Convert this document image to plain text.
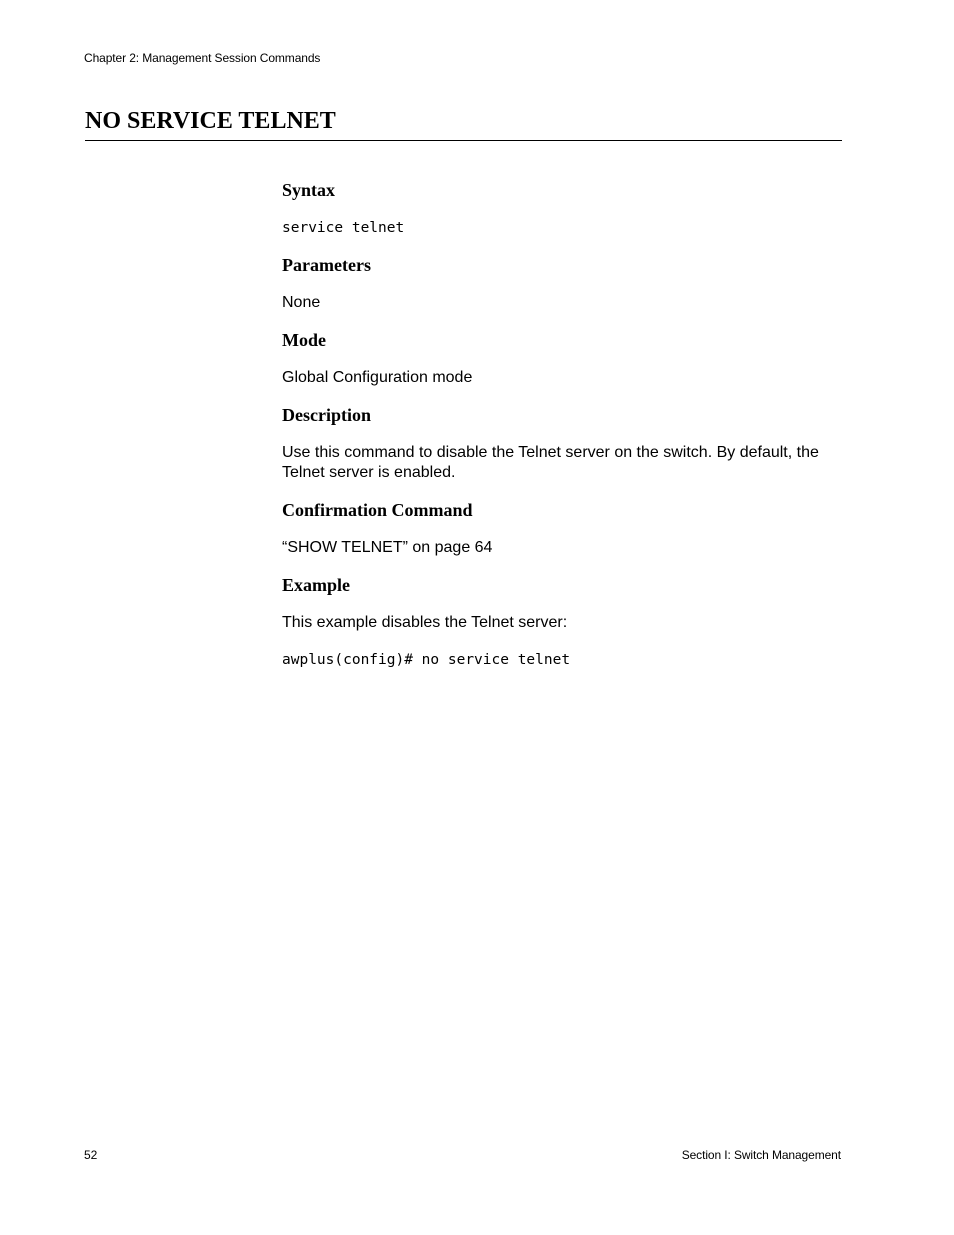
Chapter 2: Management Session Commands
NO SERVICE TELNET
Syntax

service telnet

Parameters

None

Mode

Global Configuration mode

Description

Use this command to disable the Telnet server on the switch. By default, the Telnet server is enabled.

Confirmation Command

“SHOW TELNET” on page 64

Example

This example disables the Telnet server:

awplus(config)# no service telnet

52	Section I: Switch Management
